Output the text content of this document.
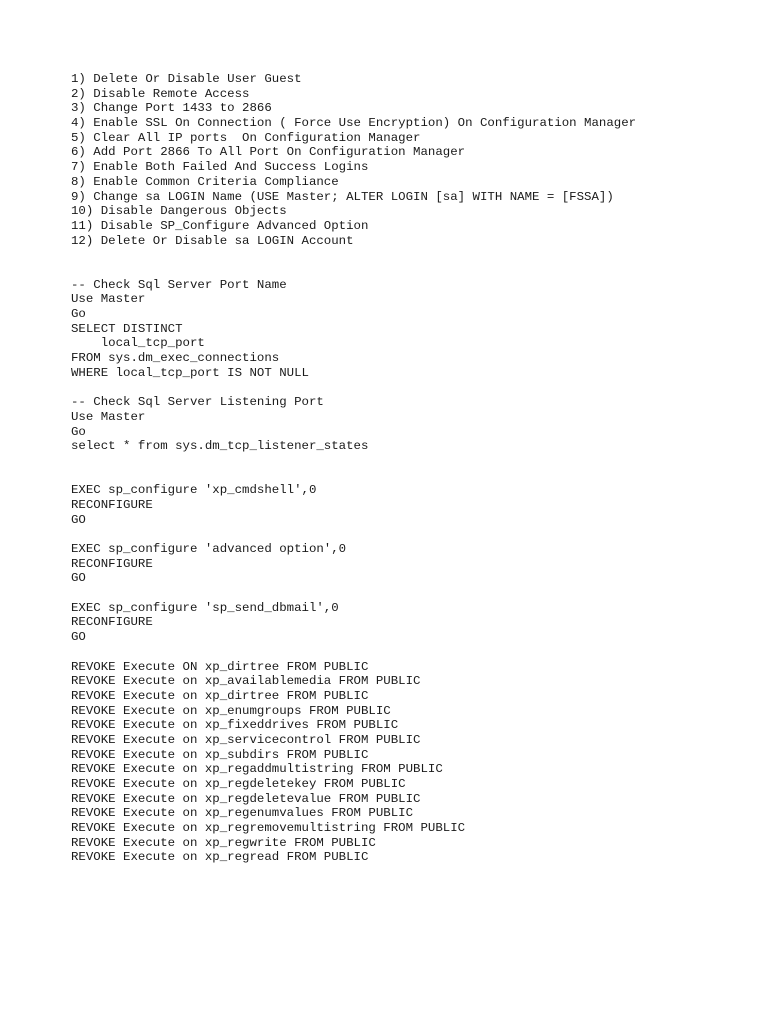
1) Delete Or Disable User Guest
2) Disable Remote Access
3) Change Port 1433 to 2866
4) Enable SSL On Connection ( Force Use Encryption) On Configuration Manager
5) Clear All IP ports  On Configuration Manager
6) Add Port 2866 To All Port On Configuration Manager
7) Enable Both Failed And Success Logins
8) Enable Common Criteria Compliance
9) Change sa LOGIN Name (USE Master; ALTER LOGIN [sa] WITH NAME = [FSSA])
10) Disable Dangerous Objects
11) Disable SP_Configure Advanced Option
12) Delete Or Disable sa LOGIN Account
-- Check Sql Server Port Name
Use Master
Go
SELECT DISTINCT
local_tcp_port
FROM sys.dm_exec_connections
WHERE local_tcp_port IS NOT NULL
-- Check Sql Server Listening Port
Use Master
Go
select * from sys.dm_tcp_listener_states
EXEC sp_configure 'xp_cmdshell',0
RECONFIGURE
GO
EXEC sp_configure 'advanced option',0
RECONFIGURE
GO
EXEC sp_configure 'sp_send_dbmail',0
RECONFIGURE
GO
REVOKE Execute ON xp_dirtree FROM PUBLIC
REVOKE Execute on xp_availablemedia FROM PUBLIC
REVOKE Execute on xp_dirtree FROM PUBLIC
REVOKE Execute on xp_enumgroups FROM PUBLIC
REVOKE Execute on xp_fixeddrives FROM PUBLIC
REVOKE Execute on xp_servicecontrol FROM PUBLIC
REVOKE Execute on xp_subdirs FROM PUBLIC
REVOKE Execute on xp_regaddmultistring FROM PUBLIC
REVOKE Execute on xp_regdeletekey FROM PUBLIC
REVOKE Execute on xp_regdeletevalue FROM PUBLIC
REVOKE Execute on xp_regenumvalues FROM PUBLIC
REVOKE Execute on xp_regremovemultistring FROM PUBLIC
REVOKE Execute on xp_regwrite FROM PUBLIC
REVOKE Execute on xp_regread FROM PUBLIC
